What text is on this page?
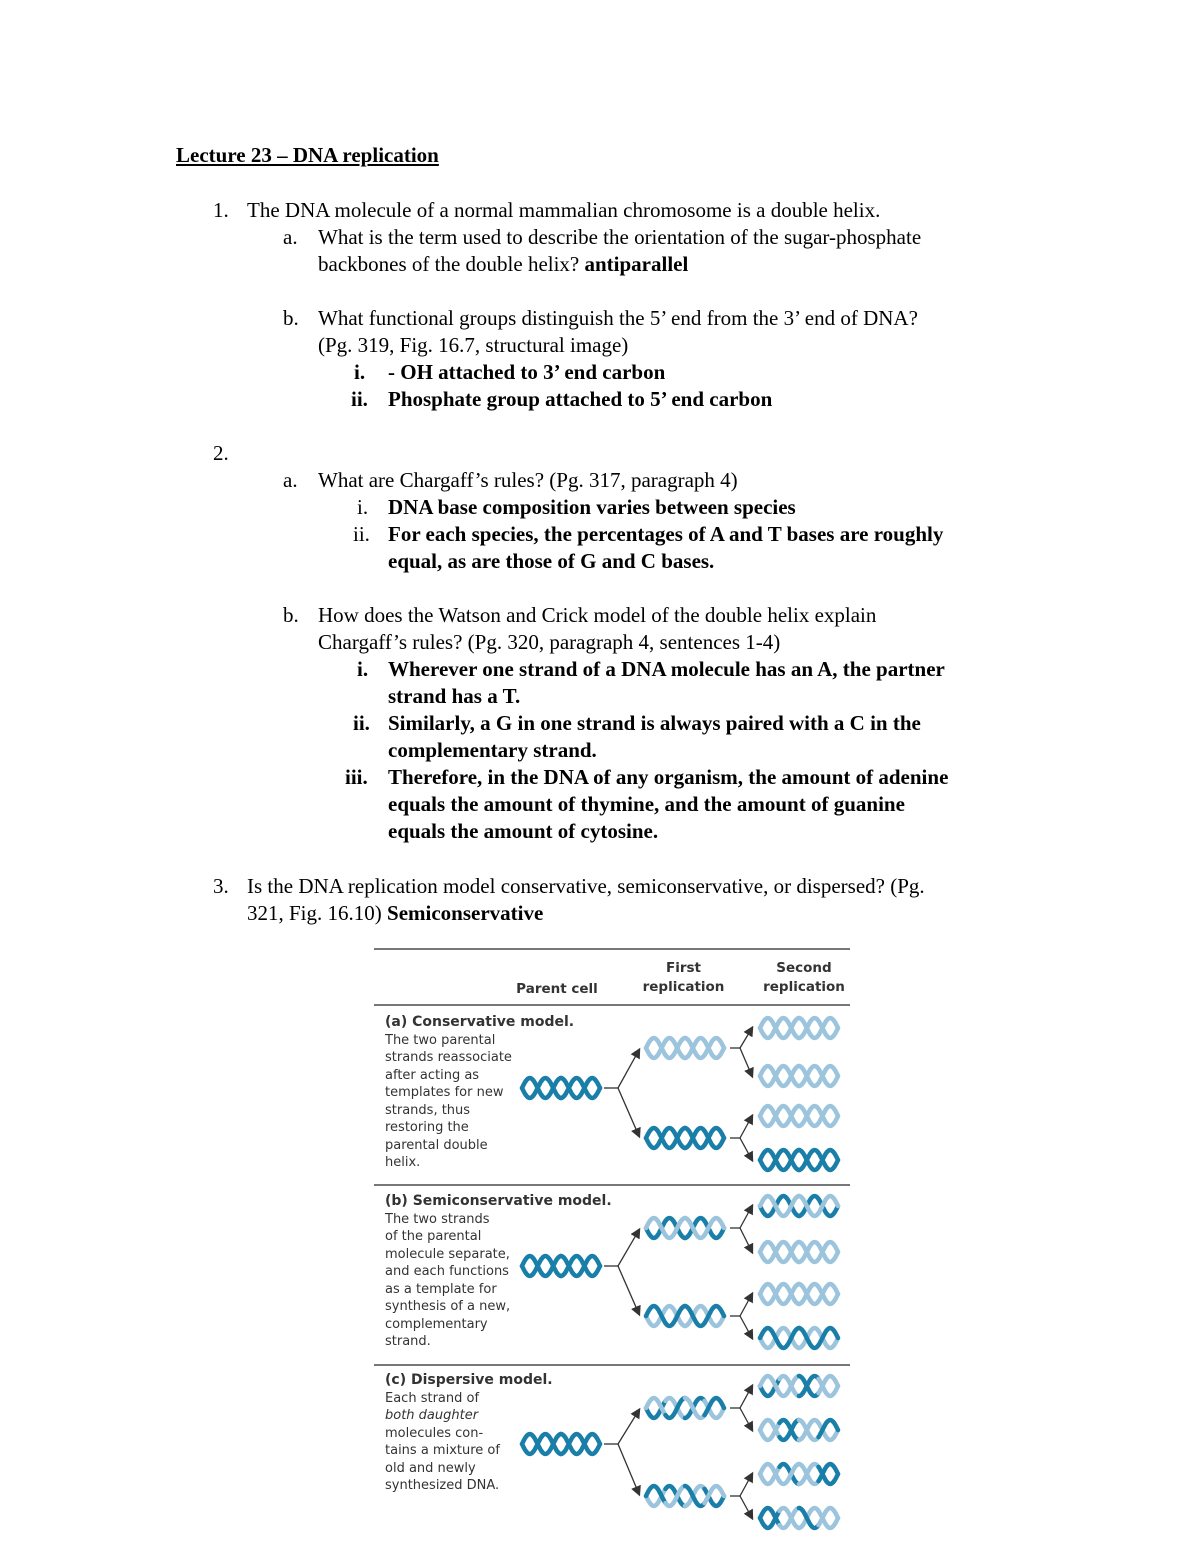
Lecture 23 – DNA replication
1. The DNA molecule of a normal mammalian chromosome is a double helix.
a. What is the term used to describe the orientation of the sugar-phosphate
backbones of the double helix? antiparallel
b. What functional groups distinguish the 5’ end from the 3’ end of DNA?
(Pg. 319, Fig. 16.7, structural image)
i. - OH attached to 3’ end carbon
ii. Phosphate group attached to 5’ end carbon
2.
a. What are Chargaff’s rules? (Pg. 317, paragraph 4)
i. DNA base composition varies between species
ii. For each species, the percentages of A and T bases are roughly
equal, as are those of G and C bases.
b. How does the Watson and Crick model of the double helix explain
Chargaff’s rules? (Pg. 320, paragraph 4, sentences 1-4)
i. Wherever one strand of a DNA molecule has an A, the partner
strand has a T.
ii. Similarly, a G in one strand is always paired with a C in the
complementary strand.
iii. Therefore, in the DNA of any organism, the amount of adenine
equals the amount of thymine, and the amount of guanine
equals the amount of cytosine.
3. Is the DNA replication model conservative, semiconservative, or dispersed? (Pg.
321, Fig. 16.10) Semiconservative
Parent cell
First
replication
Second
replication
(a) Conservative model.
The two parental
strands reassociate
after acting as
templates for new
strands, thus
restoring the
parental double
helix.
(b) Semiconservative model.
The two strands
of the parental
molecule separate,
and each functions
as a template for
synthesis of a new,
complementary
strand.
(c) Dispersive model.
Each strand of
both daughter
molecules con-
tains a mixture of
old and newly
synthesized DNA.
